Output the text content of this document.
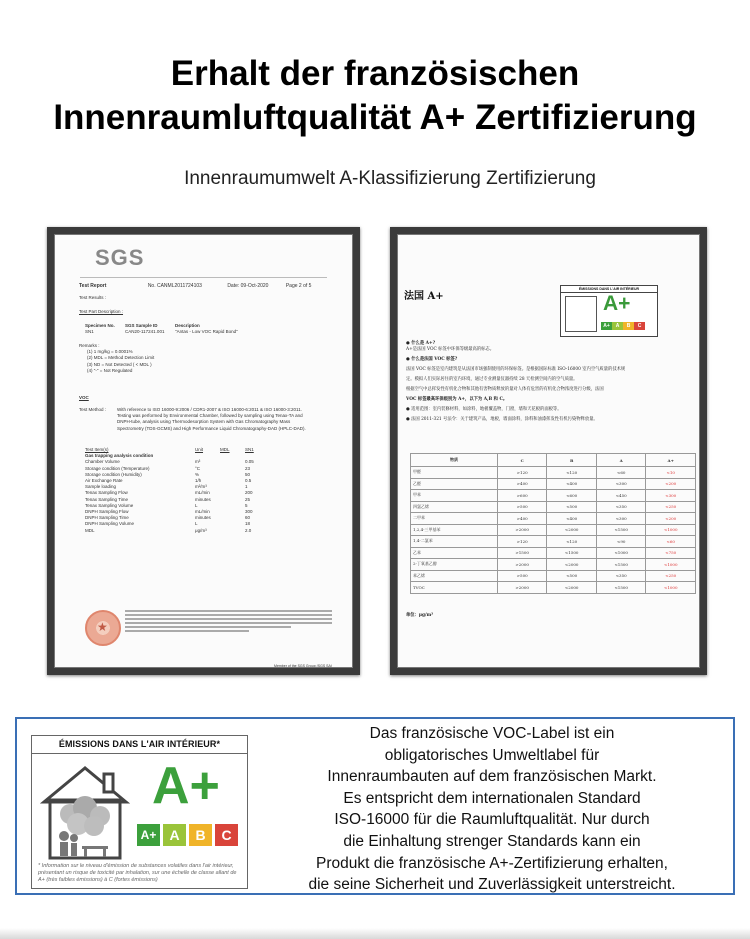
Erhalt der französischen
Innenraumluftqualität A+ Zertifizierung
Innenraumumwelt A-Klassifizierung Zertifizierung
SGS
Test Report	No. CANML2011724103	Date: 09-Oct-2020	Page 2 of 5
Test Results :
Test Part Description :
Specimen No.	SGS Sample ID	Description
SN1	CAN20-117241.001	"Antas - Low VOC Rapid Bond"
Remarks :
(1) 1 mg/kg = 0.0001%
(2) MDL = Method Detection Limit
(3) ND = Not Detected ( < MDL )
(4) "-" = Not Regulated
VOC
Test Method :	With reference to ISO 16000-9:2006 / CDR1-2007 & ISO 16000-6:2011 & ISO 16000-3:2011.
Testing was performed by Environmental Chamber, followed by sampling using Tenax-TA and
DNPH-tube, analysis using Thermodesorption System with Gas Chromatography Mass
Spectrometry (TDS-GCMS) and High Performance Liquid Chromatography-DAD (HPLC-DAD).
Test Item(s)	Unit	MDL	SN1
Gas trapping analysis condition
Chamber Volume	m³	0.05
Storage condition (Temperature)	°C	23
Storage condition (Humidity)	%	50
Air Exchange Rate	1/h	0.5
Sample loading	m²/m³	1
Tenax Sampling Flow	mL/min	200
Tenax Sampling Time	minutes	25
Tenax Sampling Volume	L	5
DNPH Sampling Flow	mL/min	300
DNPH Sampling Time	minutes	60
DNPH Sampling Volume	L	18
MDL	μg/m³	2.0
★
Member of the SGS Group (SGS SA)
法国 A+
ÉMISSIONS DANS L'AIR INTÉRIEUR
A+
A+	A	B	C
● 什么是 A+?
A+是法国 VOC 标签中环保等级最高的标志。
● 什么是法国 VOC 标签?
法国 VOC 标签是室内建筑是从法国市场强制使用的环保标签。是根据国际标准 ISO-16000 室内空气质量的技术规
定。模拟人们实际居住的室内环境，通过专业测量仪器持续 28 天检测空间内的空气质量。
根据空气中总挥发性有机化合物和其他有害物质释放的量对人体有危害的有机化合物浓度进行分级，法国
VOC 标签最高环保级别为 A+，以下为 A,B 和 C。
● 适用范围：室内装修材料，如涂料，地板覆盖物，门窗，墙和天花板的面板等。
● 法国 2011-321 号法令：关于建筑产品，地板，墙面涂料，涂料和油漆挥发性有机污染物释放量。
物质	C	B	A	A+
甲醛	>120	<120	<60	<10
乙醛	>400	<400	<300	<200
甲苯	>600	<600	<450	<300
四氯乙烯	>500	<500	<350	<250
二甲苯	>400	<400	<300	<200
1,2,4-三甲基苯	>2000	<2000	<1500	<1000
1,4-二氯苯	>120	<120	<90	<60
乙苯	>1500	<1500	<1000	<750
2-丁氧基乙醇	>2000	<2000	<1500	<1000
苯乙烯	>500	<500	<350	<250
TVOC	>2000	<2000	<1500	<1000
单位：μg/m³
ÉMISSIONS DANS L'AIR INTÉRIEUR*
A+
A+ A	B	C
* Information sur le niveau d'émission de substances volatiles dans l'air intérieur, présentant un risque de toxicité par inhalation, sur une échelle de classe allant de A+ (très faibles émissions) à C (fortes émissions)
Das französische VOC-Label ist ein
obligatorisches Umweltlabel für
Innenraumbauten auf dem französischen Markt.
Es entspricht dem internationalen Standard
ISO-16000 für die Raumluftqualität. Nur durch
die Einhaltung strenger Standards kann ein
Produkt die französische A+-Zertifizierung erhalten,
die seine Sicherheit und Zuverlässigkeit unterstreicht.
